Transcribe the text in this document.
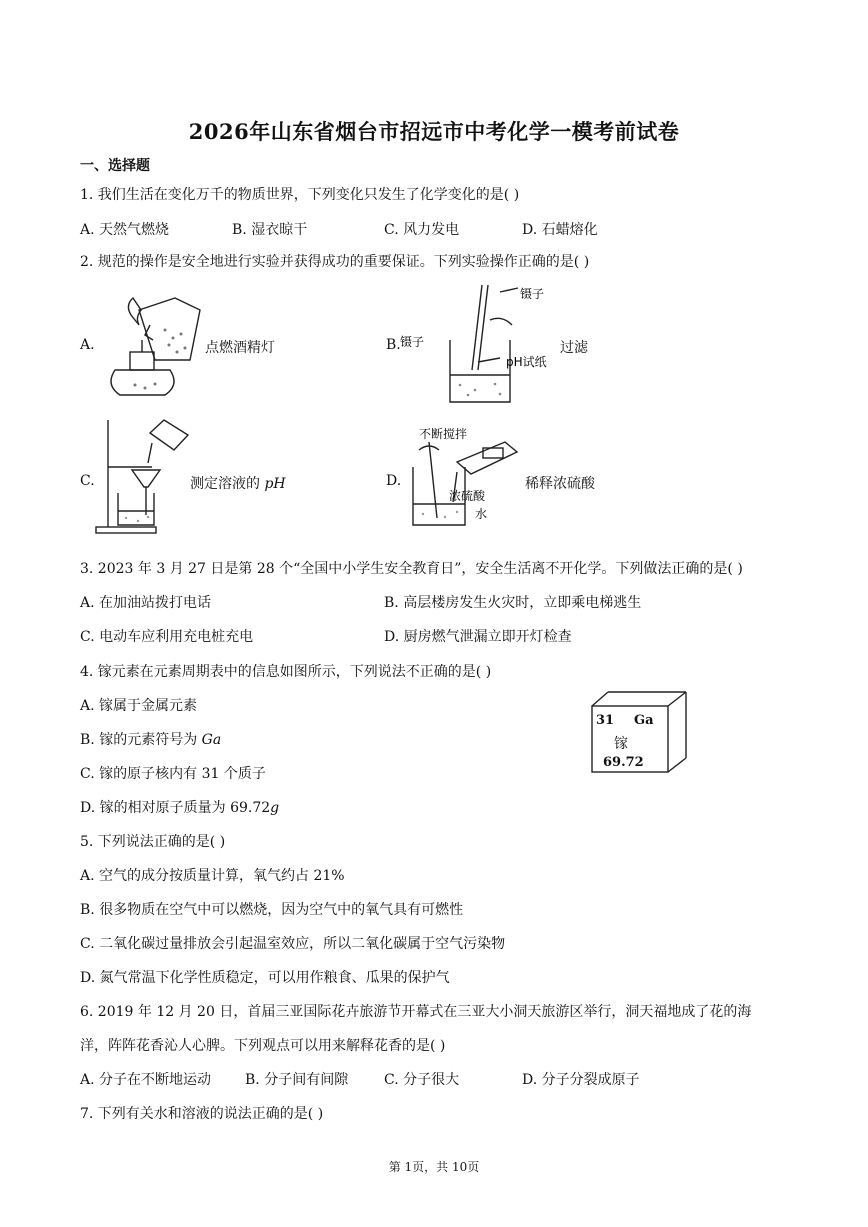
2026年山东省烟台市招远市中考化学一模考前试卷
一、选择题
1. 我们生活在变化万千的物质世界，下列变化只发生了化学变化的是( )
A. 天然气燃烧	B. 湿衣晾干	C. 风力发电	D. 石蜡熔化
2. 规范的操作是安全地进行实验并获得成功的重要保证。下列实验操作正确的是( )
A.	点燃酒精灯	B.
镊子
镊子
pH试纸
过滤
C.	测定溶液的 pH	D.
不断搅拌
浓硫酸
水
稀释浓硫酸
3. 2023 年 3 月 27 日是第 28 个“全国中小学生安全教育日”，安全生活离不开化学。下列做法正确的是( )
A. 在加油站拨打电话	B. 高层楼房发生火灾时，立即乘电梯逃生
C. 电动车应利用充电桩充电	D. 厨房燃气泄漏立即开灯检查
4. 镓元素在元素周期表中的信息如图所示，下列说法不正确的是( )
A. 镓属于金属元素
B. 镓的元素符号为 Ga
C. 镓的原子核内有 31 个质子
D. 镓的相对原子质量为 69.72g
31 Ga
镓
69.72
5. 下列说法正确的是( )
A. 空气的成分按质量计算，氧气约占 21%
B. 很多物质在空气中可以燃烧，因为空气中的氧气具有可燃性
C. 二氧化碳过量排放会引起温室效应，所以二氧化碳属于空气污染物
D. 氮气常温下化学性质稳定，可以用作粮食、瓜果的保护气
6. 2019 年 12 月 20 日，首届三亚国际花卉旅游节开幕式在三亚大小洞天旅游区举行，洞天福地成了花的海
洋，阵阵花香沁人心脾。下列观点可以用来解释花香的是( )
A. 分子在不断地运动 B. 分子间有间隙	C. 分子很大	D. 分子分裂成原子
7. 下列有关水和溶液的说法正确的是( )
第 1页，共 10页
